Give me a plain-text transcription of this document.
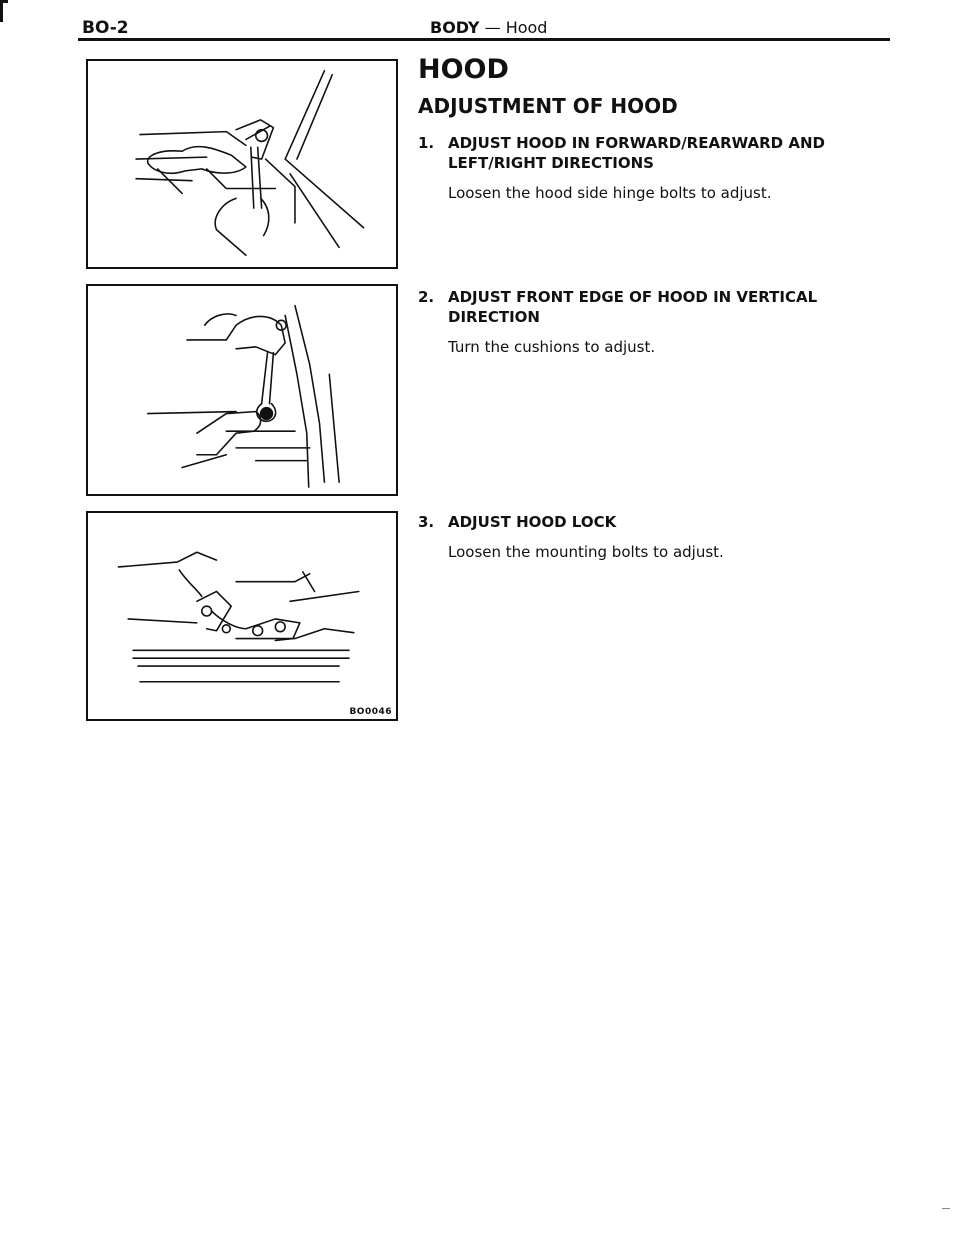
BO-2	BODY — Hood
BO0046
HOOD
ADJUSTMENT OF HOOD
1. ADJUST HOOD IN FORWARD/REARWARD AND LEFT/RIGHT DIRECTIONS
Loosen the hood side hinge bolts to adjust.
2. ADJUST FRONT EDGE OF HOOD IN VERTICAL DIRECTION
Turn the cushions to adjust.
3. ADJUST HOOD LOCK
Loosen the mounting bolts to adjust.
